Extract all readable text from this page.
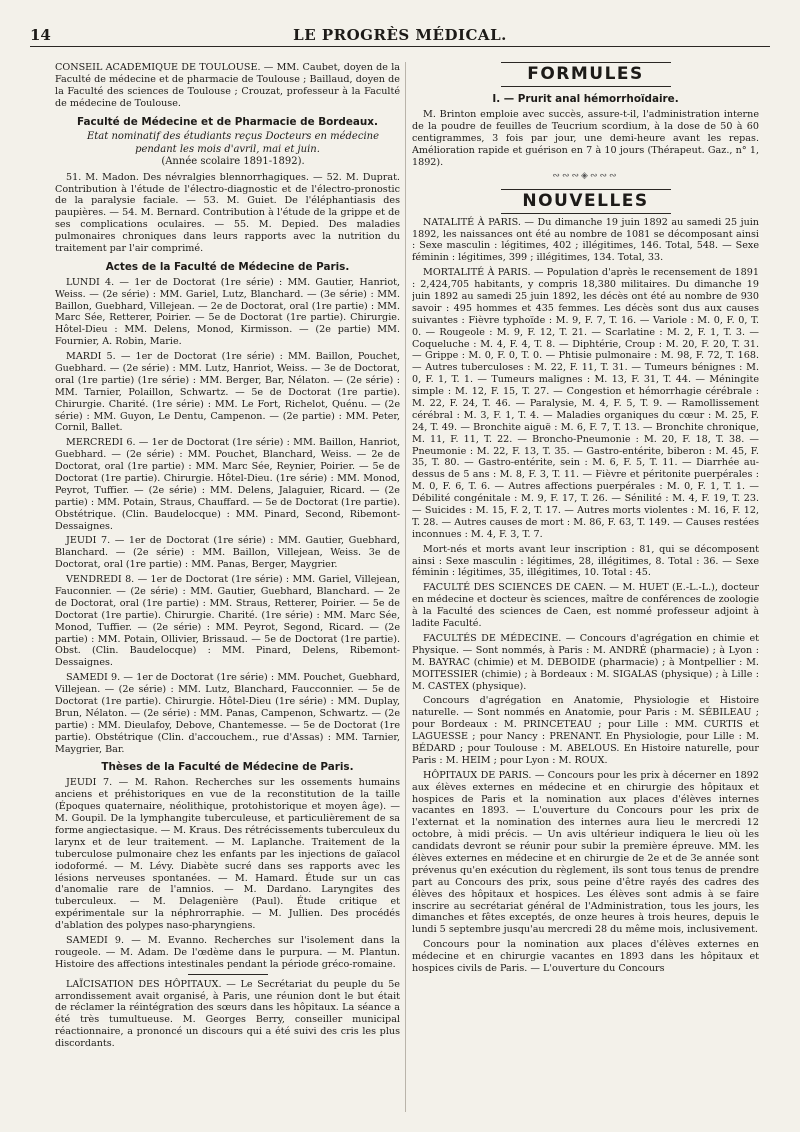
14	LE PROGRÈS MÉDICAL.

CONSEIL ACADÉMIQUE DE TOULOUSE. — MM. Caubet, doyen de la Faculté de médecine et de pharmacie de Toulouse ; Baillaud, doyen de la Faculté des sciences de Toulouse ; Crouzat, professeur à la Faculté de médecine de Toulouse.

Faculté de Médecine et de Pharmacie de Bordeaux.

Etat nominatif des étudiants reçus Docteurs en médecine pendant les mois d'avril, mai et juin.

(Année scolaire 1891-1892).

51. M. Madon. Des névralgies blennorrhagiques. — 52. M. Duprat. Contribution à l'étude de l'électro-diagnostic et de l'électro-pronostic de la paralysie faciale. — 53. M. Guiet. De l'éléphantiasis des paupières. — 54. M. Bernard. Contribution à l'étude de la grippe et de ses complications oculaires. — 55. M. Depied. Des maladies pulmonaires chroniques dans leurs rapports avec la nutrition du traitement par l'air comprimé.

Actes de la Faculté de Médecine de Paris.

LUNDI 4. — 1er de Doctorat (1re série) : MM. Gautier, Hanriot, Weiss. — (2e série) : MM. Gariel, Lutz, Blanchard. — (3e série) : MM. Baillon, Guebhard, Villejean. — 2e de Doctorat, oral (1re partie) : MM. Marc Sée, Retterer, Poirier. — 5e de Doctorat (1re partie). Chirurgie. Hôtel-Dieu : MM. Delens, Monod, Kirmisson. — (2e partie) MM. Fournier, A. Robin, Marie.

MARDI 5. — 1er de Doctorat (1re série) : MM. Baillon, Pouchet, Guebhard. — (2e série) : MM. Lutz, Hanriot, Weiss. — 3e de Doctorat, oral (1re partie) (1re série) : MM. Berger, Bar, Nélaton. — (2e série) : MM. Tarnier, Polaillon, Schwartz. — 5e de Doctorat (1re partie). Chirurgie. Charité. (1re série) : MM. Le Fort, Richelot, Quénu. — (2e série) : MM. Guyon, Le Dentu, Campenon. — (2e partie) : MM. Peter, Cornil, Ballet.

MERCREDI 6. — 1er de Doctorat (1re série) : MM. Baillon, Hanriot, Guebhard. — (2e série) : MM. Pouchet, Blanchard, Weiss. — 2e de Doctorat, oral (1re partie) : MM. Marc Sée, Reynier, Poirier. — 5e de Doctorat (1re partie). Chirurgie. Hôtel-Dieu. (1re série) : MM. Monod, Peyrot, Tuffier. — (2e série) : MM. Delens, Jalaguier, Ricard. — (2e partie) : MM. Potain, Straus, Chauffard. — 5e de Doctorat (1re partie). Obstétrique. (Clin. Baudelocque) : MM. Pinard, Second, Ribemont-Dessaignes.

JEUDI 7. — 1er de Doctorat (1re série) : MM. Gautier, Guebhard, Blanchard. — (2e série) : MM. Baillon, Villejean, Weiss. 3e de Doctorat, oral (1re partie) : MM. Panas, Berger, Maygrier.

VENDREDI 8. — 1er de Doctorat (1re série) : MM. Gariel, Villejean, Fauconnier. — (2e série) : MM. Gautier, Guebhard, Blanchard. — 2e de Doctorat, oral (1re partie) : MM. Straus, Retterer, Poirier. — 5e de Doctorat (1re partie). Chirurgie. Charité. (1re série) : MM. Marc Sée, Monod, Tuffier. — (2e série) : MM. Peyrot, Segond, Ricard. — (2e partie) : MM. Potain, Ollivier, Brissaud. — 5e de Doctorat (1re partie). Obst. (Clin. Baudelocque) : MM. Pinard, Delens, Ribemont-Dessaignes.

SAMEDI 9. — 1er de Doctorat (1re série) : MM. Pouchet, Guebhard, Villejean. — (2e série) : MM. Lutz, Blanchard, Faucconnier. — 5e de Doctorat (1re partie). Chirurgie. Hôtel-Dieu (1re série) : MM. Duplay, Brun, Nélaton. — (2e série) : MM. Panas, Campenon, Schwartz. — (2e partie) : MM. Dieulafoy, Debove, Chantemesse. — 5e de Doctorat (1re partie). Obstétrique (Clin. d'accouchem., rue d'Assas) : MM. Tarnier, Maygrier, Bar.

Thèses de la Faculté de Médecine de Paris.

JEUDI 7. — M. Rahon. Recherches sur les ossements humains anciens et préhistoriques en vue de la reconstitution de la taille (Époques quaternaire, néolithique, protohistorique et moyen âge). — M. Goupil. De la lymphangite tuberculeuse, et particulièrement de sa forme angiectasique. — M. Kraus. Des rétrécissements tuberculeux du larynx et de leur traitement. — M. Laplanche. Traitement de la tuberculose pulmonaire chez les enfants par les injections de gaïacol iodoformé. — M. Lévy. Diabète sucré dans ses rapports avec les lésions nerveuses spontanées. — M. Hamard. Étude sur un cas d'anomalie rare de l'amnios. — M. Dardano. Laryngites des tuberculeux. — M. Delagenière (Paul). Étude critique et expérimentale sur la néphrorraphie. — M. Jullien. Des procédés d'ablation des polypes naso-pharyngiens.

SAMEDI 9. — M. Evanno. Recherches sur l'isolement dans la rougeole. — M. Adam. De l'œdème dans le purpura. — M. Plantun. Histoire des affections intestinales pendant la période gréco-romaine.

LAÏCISATION DES HÔPITAUX. — Le Secrétariat du peuple du 5e arrondissement avait organisé, à Paris, une réunion dont le but était de réclamer la réintégration des sœurs dans les hôpitaux. La séance a été très tumultueuse. M. Georges Berry, conseiller municipal réactionnaire, a prononcé un discours qui a été suivi des cris les plus discordants.

FORMULES
I. — Prurit anal hémorrhoïdaire.

M. Brinton emploie avec succès, assure-t-il, l'administration interne de la poudre de feuilles de Teucrium scordium, à la dose de 50 à 60 centigrammes, 3 fois par jour, une demi-heure avant les repas. Amélioration rapide et guérison en 7 à 10 jours (Thérapeut. Gaz., n° 1, 1892).

∾∾∾◈∾∾∾
NOUVELLES

NATALITÉ À PARIS. — Du dimanche 19 juin 1892 au samedi 25 juin 1892, les naissances ont été au nombre de 1081 se décomposant ainsi : Sexe masculin : légitimes, 402 ; illégitimes, 146. Total, 548. — Sexe féminin : légitimes, 399 ; illégitimes, 134. Total, 33.

MORTALITÉ À PARIS. — Population d'après le recensement de 1891 : 2,424,705 habitants, y compris 18,380 militaires. Du dimanche 19 juin 1892 au samedi 25 juin 1892, les décès ont été au nombre de 930 savoir : 495 hommes et 435 femmes. Les décès sont dus aux causes suivantes : Fièvre typhoïde : M. 9, F. 7, T. 16. — Variole : M. 0, F. 0, T. 0. — Rougeole : M. 9, F. 12, T. 21. — Scarlatine : M. 2, F. 1, T. 3. — Coqueluche : M. 4, F. 4, T. 8. — Diphtérie, Croup : M. 20, F. 20, T. 31. — Grippe : M. 0, F. 0, T. 0. — Phtisie pulmonaire : M. 98, F. 72, T. 168. — Autres tuberculoses : M. 22, F. 11, T. 31. — Tumeurs bénignes : M. 0, F. 1, T. 1. — Tumeurs malignes : M. 13, F. 31, T. 44. — Méningite simple : M. 12, F. 15, T. 27. — Congestion et hémorrhagie cérébrale : M. 22, F. 24, T. 46. — Paralysie, M. 4, F. 5, T. 9. — Ramollissement cérébral : M. 3, F. 1, T. 4. — Maladies organiques du cœur : M. 25, F. 24, T. 49. — Bronchite aiguë : M. 6, F. 7, T. 13. — Bronchite chronique, M. 11, F. 11, T. 22. — Broncho-Pneumonie : M. 20, F. 18, T. 38. — Pneumonie : M. 22, F. 13, T. 35. — Gastro-entérite, biberon : M. 45, F. 35, T. 80. — Gastro-entérite, sein : M. 6, F. 5, T. 11. — Diarrhée au-dessus de 5 ans : M. 8, F. 3, T. 11. — Fièvre et péritonite puerpérales : M. 0, F. 6, T. 6. — Autres affections puerpérales : M. 0, F. 1, T. 1. — Débilité congénitale : M. 9, F. 17, T. 26. — Sénilité : M. 4, F. 19, T. 23. — Suicides : M. 15, F. 2, T. 17. — Autres morts violentes : M. 16, F. 12, T. 28. — Autres causes de mort : M. 86, F. 63, T. 149. — Causes restées inconnues : M. 4, F. 3, T. 7.

Mort-nés et morts avant leur inscription : 81, qui se décomposent ainsi : Sexe masculin : légitimes, 28, illégitimes, 8. Total : 36. — Sexe féminin : légitimes, 35, illégitimes, 10. Total : 45.

FACULTÉ DES SCIENCES DE CAEN. — M. HUET (E.-L.-L.), docteur en médecine et docteur ès sciences, maître de conférences de zoologie à la Faculté des sciences de Caen, est nommé professeur adjoint à ladite Faculté.

FACULTÉS DE MÉDECINE. — Concours d'agrégation en chimie et Physique. — Sont nommés, à Paris : M. ANDRÉ (pharmacie) ; à Lyon : M. BAYRAC (chimie) et M. DEBOIDE (pharmacie) ; à Montpellier : M. MOITESSIER (chimie) ; à Bordeaux : M. SIGALAS (physique) ; à Lille : M. CASTEX (physique).

Concours d'agrégation en Anatomie, Physiologie et Histoire naturelle. — Sont nommés en Anatomie, pour Paris : M. SÉBILEAU ; pour Bordeaux : M. PRINCETEAU ; pour Lille : MM. CURTIS et LAGUESSE ; pour Nancy : PRENANT. En Physiologie, pour Lille : M. BÉDARD ; pour Toulouse : M. ABELOUS. En Histoire naturelle, pour Paris : M. HEIM ; pour Lyon : M. ROUX.

HÔPITAUX DE PARIS. — Concours pour les prix à décerner en 1892 aux élèves externes en médecine et en chirurgie des hôpitaux et hospices de Paris et la nomination aux places d'élèves internes vacantes en 1893. — L'ouverture du Concours pour les prix de l'externat et la nomination des internes aura lieu le mercredi 12 octobre, à midi précis. — Un avis ultérieur indiquera le lieu où les candidats devront se réunir pour subir la première épreuve. MM. les élèves externes en médecine et en chirurgie de 2e et de 3e année sont prévenus qu'en exécution du règlement, ils sont tous tenus de prendre part au Concours des prix, sous peine d'être rayés des cadres des élèves des hôpitaux et hospices. Les élèves sont admis à se faire inscrire au secrétariat général de l'Administration, tous les jours, les dimanches et fêtes exceptés, de onze heures à trois heures, depuis le lundi 5 septembre jusqu'au mercredi 28 du même mois, inclusivement.

Concours pour la nomination aux places d'élèves externes en médecine et en chirurgie vacantes en 1893 dans les hôpitaux et hospices civils de Paris. — L'ouverture du Concours
